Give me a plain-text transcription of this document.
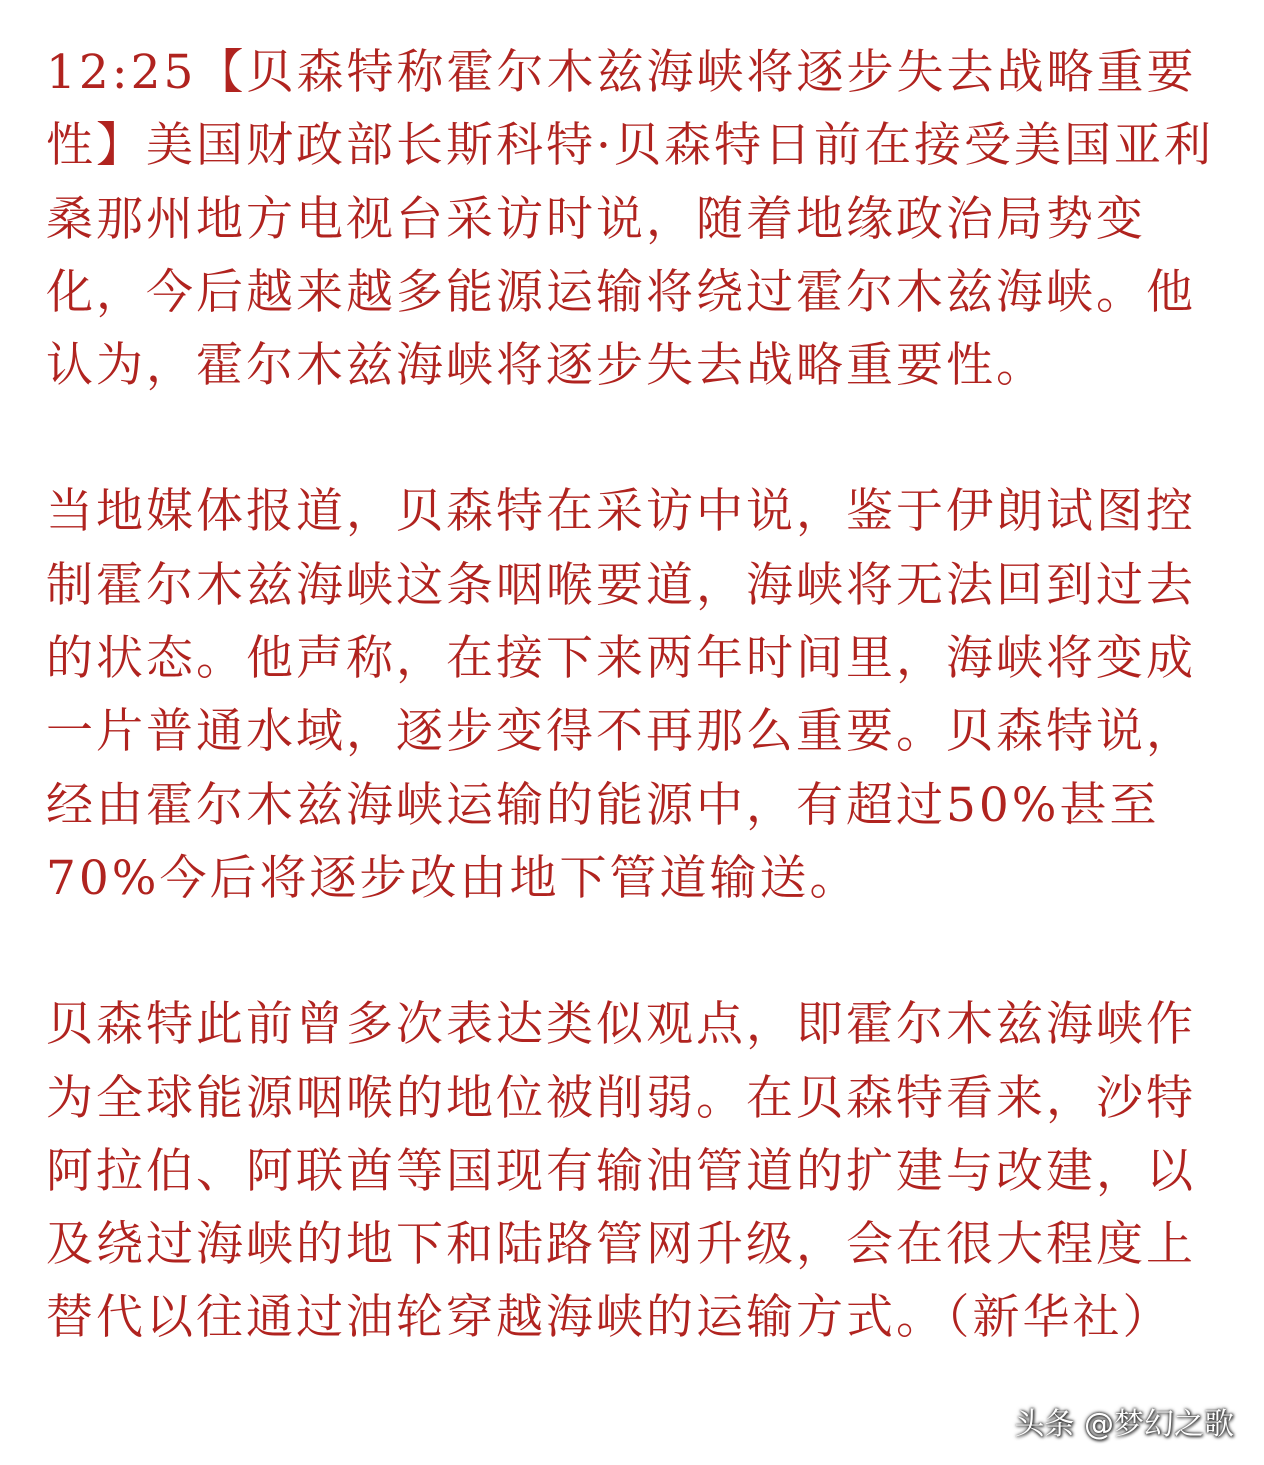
12:25【贝森特称霍尔木兹海峡将逐步失去战略重要性】美国财政部长斯科特·贝森特日前在接受美国亚利桑那州地方电视台采访时说，随着地缘政治局势变化，今后越来越多能源运输将绕过霍尔木兹海峡。他认为，霍尔木兹海峡将逐步失去战略重要性。

当地媒体报道，贝森特在采访中说，鉴于伊朗试图控制霍尔木兹海峡这条咽喉要道，海峡将无法回到过去的状态。他声称，在接下来两年时间里，海峡将变成一片普通水域，逐步变得不再那么重要。贝森特说，经由霍尔木兹海峡运输的能源中，有超过50%甚至70%今后将逐步改由地下管道输送。

贝森特此前曾多次表达类似观点，即霍尔木兹海峡作为全球能源咽喉的地位被削弱。在贝森特看来，沙特阿拉伯、阿联酋等国现有输油管道的扩建与改建，以及绕过海峡的地下和陆路管网升级，会在很大程度上替代以往通过油轮穿越海峡的运输方式。（新华社）

头条 @梦幻之歌
